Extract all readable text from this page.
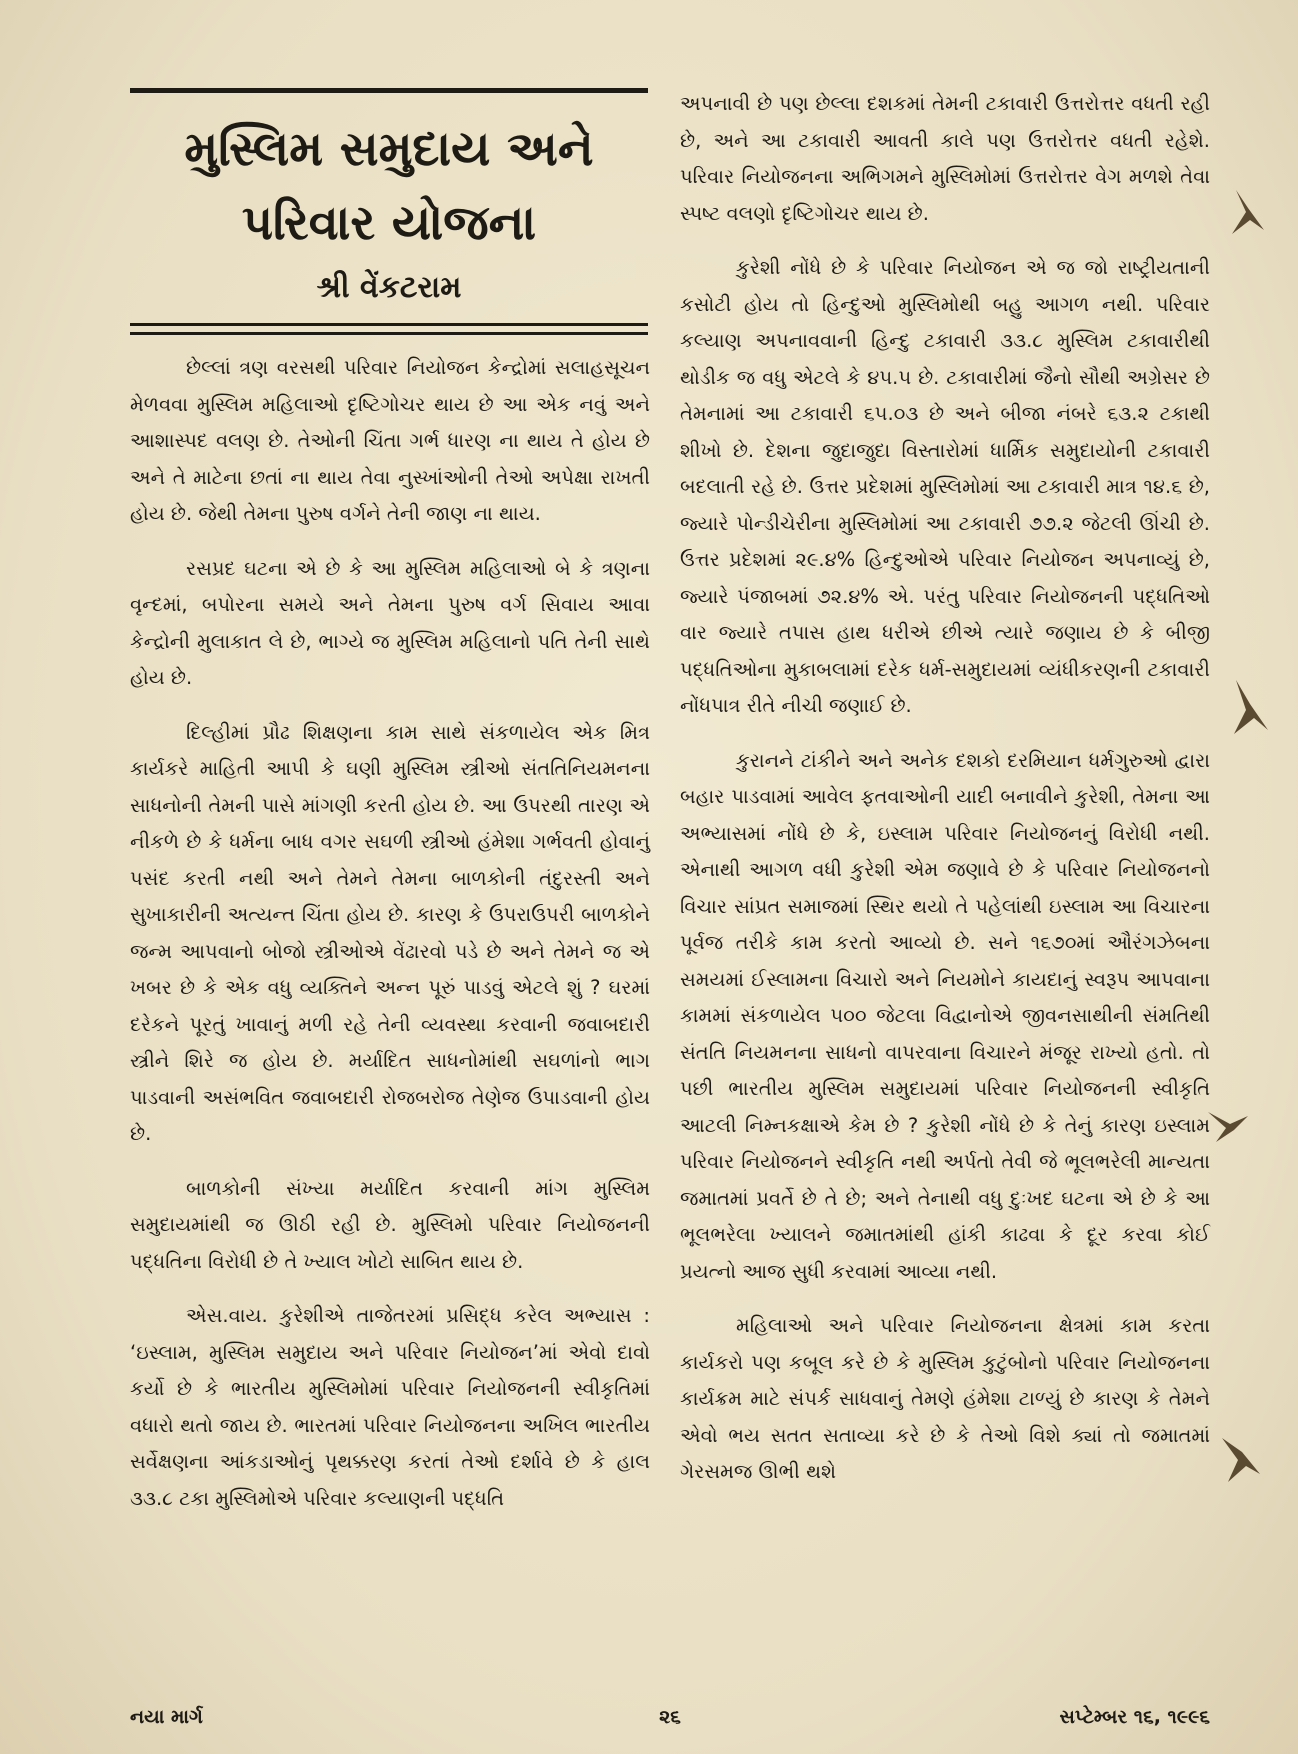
મુસ્લિમ સમુદાય અને
પરિવાર યોજના
શ્રી વેંકટરામ

છેલ્લાં ત્રણ વરસથી પરિવાર નિયોજન કેન્દ્રોમાં સલાહસૂચન મેળવવા મુસ્લિમ મહિલાઓ દૃષ્ટિગોચર થાય છે આ એક નવું અને આશાસ્પદ વલણ છે. તેઓની ચિંતા ગર્ભ ધારણ ના થાય તે હોય છે અને તે માટેના છતાં ના થાય તેવા નુસ્ખાંઓની તેઓ અપેક્ષા રાખતી હોય છે. જેથી તેમના પુરુષ વર્ગને તેની જાણ ના થાય.

રસપ્રદ ઘટના એ છે કે આ મુસ્લિમ મહિલાઓ બે કે ત્રણના વૃન્દમાં, બપોરના સમયે અને તેમના પુરુષ વર્ગ સિવાય આવા કેન્દ્રોની મુલાકાત લે છે, ભાગ્યે જ મુસ્લિમ મહિલાનો પતિ તેની સાથે હોય છે.

દિલ્હીમાં પ્રૌઢ શિક્ષણના કામ સાથે સંકળાયેલ એક મિત્ર કાર્યકરે માહિતી આપી કે ઘણી મુસ્લિમ સ્ત્રીઓ સંતતિનિયમનના સાધનોની તેમની પાસે માંગણી કરતી હોય છે. આ ઉપરથી તારણ એ નીકળે છે કે ધર્મના બાધ વગર સઘળી સ્ત્રીઓ હંમેશા ગર્ભવતી હોવાનું પસંદ કરતી નથી અને તેમને તેમના બાળકોની તંદુરસ્તી અને સુખાકારીની અત્યન્ત ચિંતા હોય છે. કારણ કે ઉપરાઉપરી બાળકોને જન્મ આપવાનો બોજો સ્ત્રીઓએ વેંઢારવો પડે છે અને તેમને જ એ ખબર છે કે એક વધુ વ્યક્તિને અન્ન પૂરું પાડવું એટલે શું ? ઘરમાં દરેકને પૂરતું ખાવાનું મળી રહે તેની વ્યવસ્થા કરવાની જવાબદારી સ્ત્રીને શિરે જ હોય છે. મર્યાદિત સાધનોમાંથી સઘળાંનો ભાગ પાડવાની અસંભવિત જવાબદારી રોજબરોજ તેણેજ ઉપાડવાની હોય છે.

બાળકોની સંખ્યા મર્યાદિત કરવાની માંગ મુસ્લિમ સમુદાયમાંથી જ ઊઠી રહી છે. મુસ્લિમો પરિવાર નિયોજનની પદ્ધતિના વિરોધી છે તે ખ્યાલ ખોટો સાબિત થાય છે.

એસ.વાય. કુરેશીએ તાજેતરમાં પ્રસિદ્ધ કરેલ અભ્યાસ : ‘ઇસ્લામ, મુસ્લિમ સમુદાય અને પરિવાર નિયોજન’માં એવો દાવો કર્યો છે કે ભારતીય મુસ્લિમોમાં પરિવાર નિયોજનની સ્વીકૃતિમાં વધારો થતો જાય છે. ભારતમાં પરિવાર નિયોજનના અખિલ ભારતીય સર્વેક્ષણના આંકડાઓનું પૃથક્કરણ કરતાં તેઓ દર્શાવે છે કે હાલ ૩૩.૮ ટકા મુસ્લિમોએ પરિવાર કલ્યાણની પદ્ધતિ

અપનાવી છે પણ છેલ્લા દશકમાં તેમની ટકાવારી ઉત્તરોત્તર વધતી રહી છે, અને આ ટકાવારી આવતી કાલે પણ ઉત્તરોત્તર વધતી રહેશે. પરિવાર નિયોજનના અભિગમને મુસ્લિમોમાં ઉત્તરોત્તર વેગ મળશે તેવા સ્પષ્ટ વલણો દૃષ્ટિગોચર થાય છે.

કુરેશી નોંધે છે કે પરિવાર નિયોજન એ જ જો રાષ્ટ્રીયતાની કસોટી હોય તો હિન્દુઓ મુસ્લિમોથી બહુ આગળ નથી. પરિવાર કલ્યાણ અપનાવવાની હિન્દુ ટકાવારી ૩૩.૮ મુસ્લિમ ટકાવારીથી થોડીક જ વધુ એટલે કે ૪૫.૫ છે. ટકાવારીમાં જૈનો સૌથી અગ્રેસર છે તેમનામાં આ ટકાવારી ૬૫.૦૩ છે અને બીજા નંબરે ૬૩.૨ ટકાથી શીખો છે. દેશના જુદાજુદા વિસ્તારોમાં ધાર્મિક સમુદાયોની ટકાવારી બદલાતી રહે છે. ઉત્તર પ્રદેશમાં મુસ્લિમોમાં આ ટકાવારી માત્ર ૧૪.૬ છે, જ્યારે પોન્ડીચેરીના મુસ્લિમોમાં આ ટકાવારી ૭૭.૨ જેટલી ઊંચી છે. ઉત્તર પ્રદેશમાં ૨૯.૪% હિન્દુઓએ પરિવાર નિયોજન અપનાવ્યું છે, જ્યારે પંજાબમાં ૭૨.૪% એ. પરંતુ પરિવાર નિયોજનની પદ્ધતિઓ વાર જ્યારે તપાસ હાથ ધરીએ છીએ ત્યારે જણાય છે કે બીજી પદ્ધતિઓના મુકાબલામાં દરેક ધર્મ-સમુદાયમાં વ્યંધીકરણની ટકાવારી નોંધપાત્ર રીતે નીચી જણાઈ છે.

કુરાનને ટાંકીને અને અનેક દશકો દરમિયાન ધર્મગુરુઓ દ્વારા બહાર પાડવામાં આવેલ ફતવાઓની યાદી બનાવીને કુરેશી, તેમના આ અભ્યાસમાં નોંધે છે કે, ઇસ્લામ પરિવાર નિયોજનનું વિરોધી નથી. એનાથી આગળ વધી કુરેશી એમ જણાવે છે કે પરિવાર નિયોજનનો વિચાર સાંપ્રત સમાજમાં સ્થિર થયો તે પહેલાંથી ઇસ્લામ આ વિચારના પૂર્વજ તરીકે કામ કરતો આવ્યો છે. સને ૧૬૭૦માં ઔરંગઝેબના સમયમાં ઈસ્લામના વિચારો અને નિયમોને કાયદાનું સ્વરૂપ આપવાના કામમાં સંકળાયેલ ૫૦૦ જેટલા વિદ્વાનોએ જીવનસાથીની સંમતિથી સંતતિ નિયમનના સાધનો વાપરવાના વિચારને મંજૂર રાખ્યો હતો. તો પછી ભારતીય મુસ્લિમ સમુદાયમાં પરિવાર નિયોજનની સ્વીકૃતિ આટલી નિમ્નકક્ષાએ કેમ છે ? કુરેશી નોંધે છે કે તેનું કારણ ઇસ્લામ પરિવાર નિયોજનને સ્વીકૃતિ નથી અર્પતો તેવી જે ભૂલભરેલી માન્યતા જમાતમાં પ્રવર્તે છે તે છે; અને તેનાથી વધુ દુઃખદ ઘટના એ છે કે આ ભૂલભરેલા ખ્યાલને જમાતમાંથી હાંકી કાઢવા કે દૂર કરવા કોઈ પ્રયત્નો આજ સુધી કરવામાં આવ્યા નથી.

મહિલાઓ અને પરિવાર નિયોજનના ક્ષેત્રમાં કામ કરતા કાર્યકરો પણ કબૂલ કરે છે કે મુસ્લિમ કુટુંબોનો પરિવાર નિયોજનના કાર્યક્રમ માટે સંપર્ક સાધવાનું તેમણે હંમેશા ટાળ્યું છે કારણ કે તેમને એવો ભય સતત સતાવ્યા કરે છે કે તેઓ વિશે ક્યાં તો જમાતમાં ગેરસમજ ઊભી થશે

નયા માર્ગ	૨૬	સપ્ટેમ્બર ૧૬, ૧૯૯૬
